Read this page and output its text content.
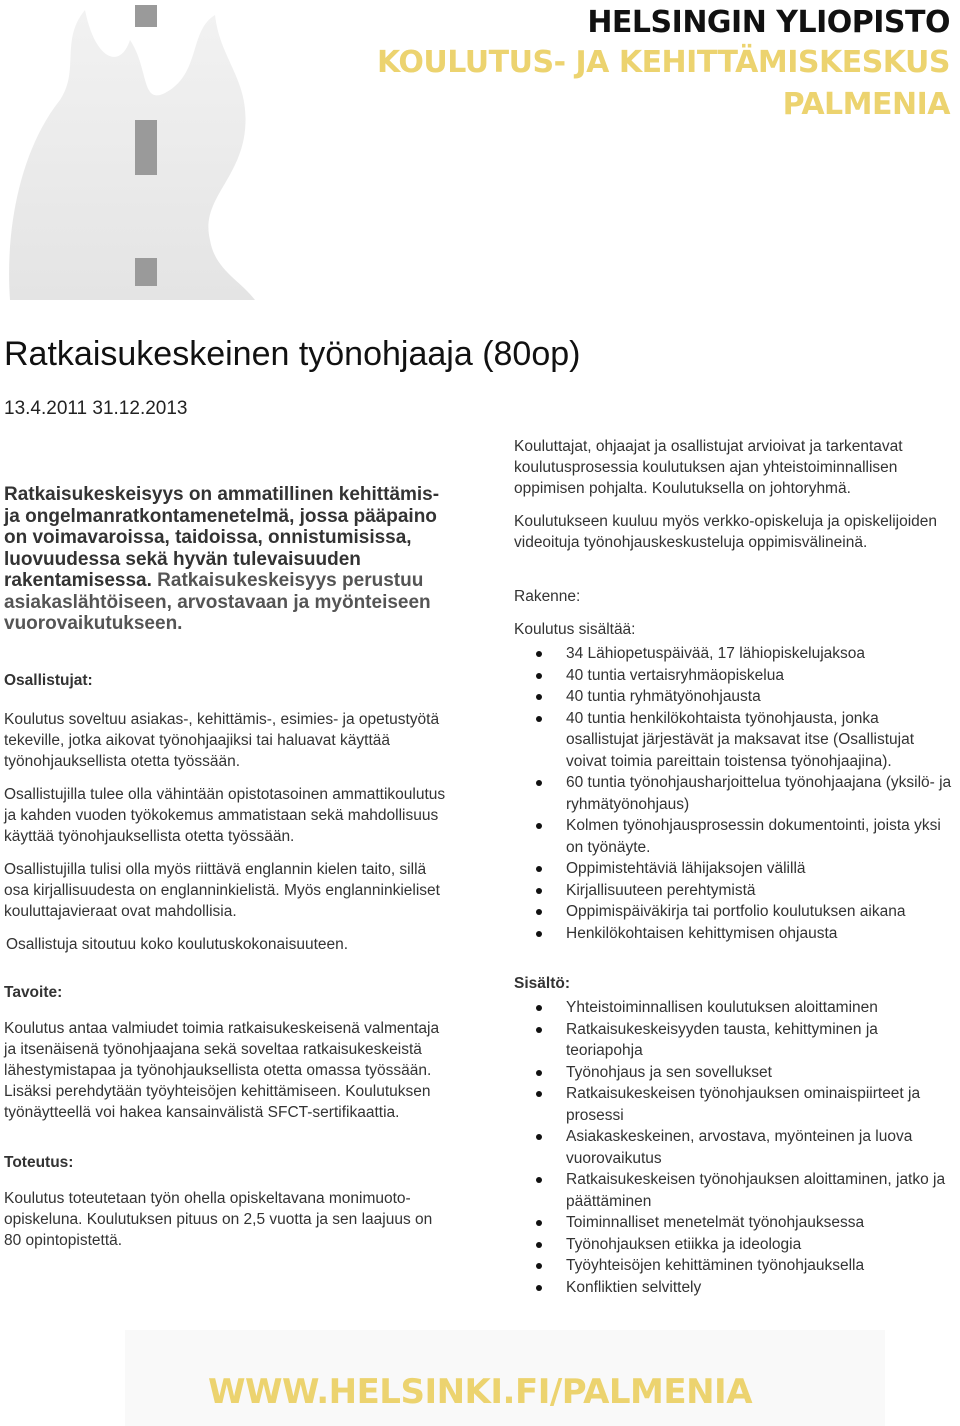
HELSINGIN YLIOPISTO
KOULUTUS- JA KEHITTÄMISKESKUS
PALMENIA
Ratkaisukeskeinen työnohjaaja (80op)
13.4.2011 31.12.2013

Ratkaisukeskeisyys on ammatillinen kehittämis- ja ongelmanratkontamenetelmä, jossa pääpaino on voimavaroissa, taidoissa, onnistumisissa, luovuudessa sekä hyvän tulevaisuuden rakentamisessa. Ratkaisukeskeisyys perustuu asiakaslähtöiseen, arvostavaan ja myönteiseen vuorovaikutukseen.

Osallistujat:

Koulutus soveltuu asiakas-, kehittämis-, esimies- ja opetustyötä tekeville, jotka aikovat työnohjaajiksi tai haluavat käyttää työnohjauksellista otetta työssään.

Osallistujilla tulee olla vähintään opistotasoinen ammattikoulutus ja kahden vuoden työkokemus ammatistaan sekä mahdollisuus käyttää työnohjauksellista otetta työssään.

Osallistujilla tulisi olla myös riittävä englannin kielen taito, sillä osa kirjallisuudesta on englanninkielistä. Myös englanninkieliset kouluttajavieraat ovat mahdollisia.

Osallistuja sitoutuu koko koulutuskokonaisuuteen.

Tavoite:

Koulutus antaa valmiudet toimia ratkaisukeskeisenä valmentaja ja itsenäisenä työnohjaajana sekä soveltaa ratkaisukeskeistä lähestymistapaa ja työnohjauksellista otetta omassa työssään. Lisäksi perehdytään työyhteisöjen kehittämiseen. Koulutuksen työnäytteellä voi hakea kansainvälistä SFCT-sertifikaattia.

Toteutus:

Koulutus toteutetaan työn ohella opiskeltavana monimuoto-opiskeluna. Koulutuksen pituus on 2,5 vuotta ja sen laajuus on 80 opintopistettä.

Kouluttajat, ohjaajat ja osallistujat arvioivat ja tarkentavat koulutusprosessia koulutuksen ajan yhteistoiminnallisen oppimisen pohjalta. Koulutuksella on johtoryhmä.

Koulutukseen kuuluu myös verkko-opiskeluja ja opiskelijoiden videoituja työnohjauskeskusteluja oppimisvälineinä.

Rakenne:
Koulutus sisältää:
34 Lähiopetuspäivää, 17 lähiopiskelujaksoa
40 tuntia vertaisryhmäopiskelua
40 tuntia ryhmätyönohjausta
40 tuntia henkilökohtaista työnohjausta, jonka osallistujat järjestävät ja maksavat itse (Osallistujat voivat toimia pareittain toistensa työnohjaajina).
60 tuntia työnohjausharjoittelua työnohjaajana (yksilö- ja ryhmätyönohjaus)
Kolmen työnohjausprosessin dokumentointi, joista yksi on työnäyte.
Oppimistehtäviä lähijaksojen välillä
Kirjallisuuteen perehtymistä
Oppimispäiväkirja tai portfolio koulutuksen aikana
Henkilökohtaisen kehittymisen ohjausta
Sisältö:
Yhteistoiminnallisen koulutuksen aloittaminen
Ratkaisukeskeisyyden tausta, kehittyminen ja teoriapohja
Työnohjaus ja sen sovellukset
Ratkaisukeskeisen työnohjauksen ominaispiirteet ja prosessi
Asiakaskeskeinen, arvostava, myönteinen ja luova vuorovaikutus
Ratkaisukeskeisen työnohjauksen aloittaminen, jatko ja päättäminen
Toiminnalliset menetelmät työnohjauksessa
Työnohjauksen etiikka ja ideologia
Työyhteisöjen kehittäminen työnohjauksella
Konfliktien selvittely
WWW.HELSINKI.FI/PALMENIA
